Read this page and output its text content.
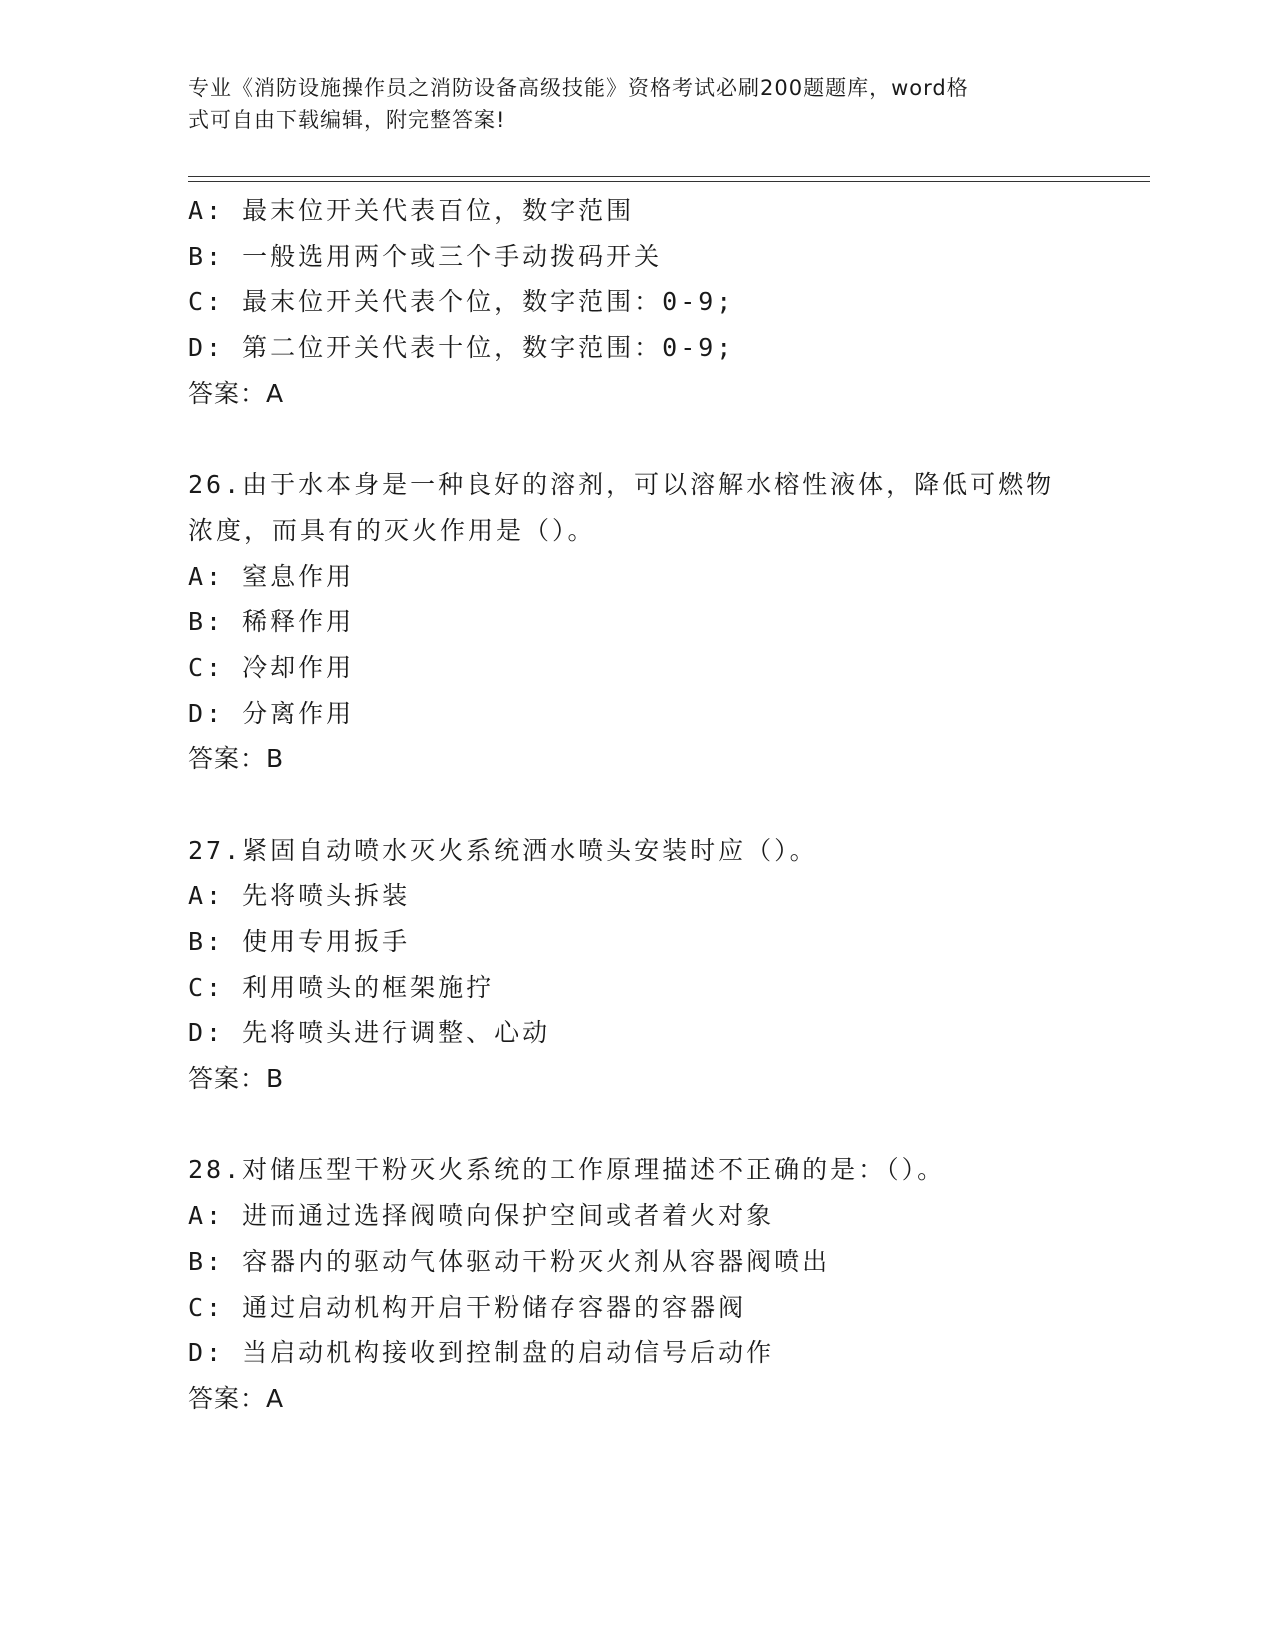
专业《消防设施操作员之消防设备高级技能》资格考试必刷200题题库，word格
式可自由下载编辑，附完整答案!
A: 最末位开关代表百位，数字范围
B: 一般选用两个或三个手动拨码开关
C: 最末位开关代表个位，数字范围：0-9;
D: 第二位开关代表十位，数字范围：0-9;
答案：A
26.由于水本身是一种良好的溶剂，可以溶解水榕性液体，降低可燃物
浓度，而具有的灭火作用是（）。
A: 窒息作用
B: 稀释作用
C: 冷却作用
D: 分离作用
答案：B
27.紧固自动喷水灭火系统洒水喷头安装时应（）。
A: 先将喷头拆装
B: 使用专用扳手
C: 利用喷头的框架施拧
D: 先将喷头进行调整、心动
答案：B
28.对储压型干粉灭火系统的工作原理描述不正确的是：（）。
A: 进而通过选择阀喷向保护空间或者着火对象
B: 容器内的驱动气体驱动干粉灭火剂从容器阀喷出
C: 通过启动机构开启干粉储存容器的容器阀
D: 当启动机构接收到控制盘的启动信号后动作
答案：A
